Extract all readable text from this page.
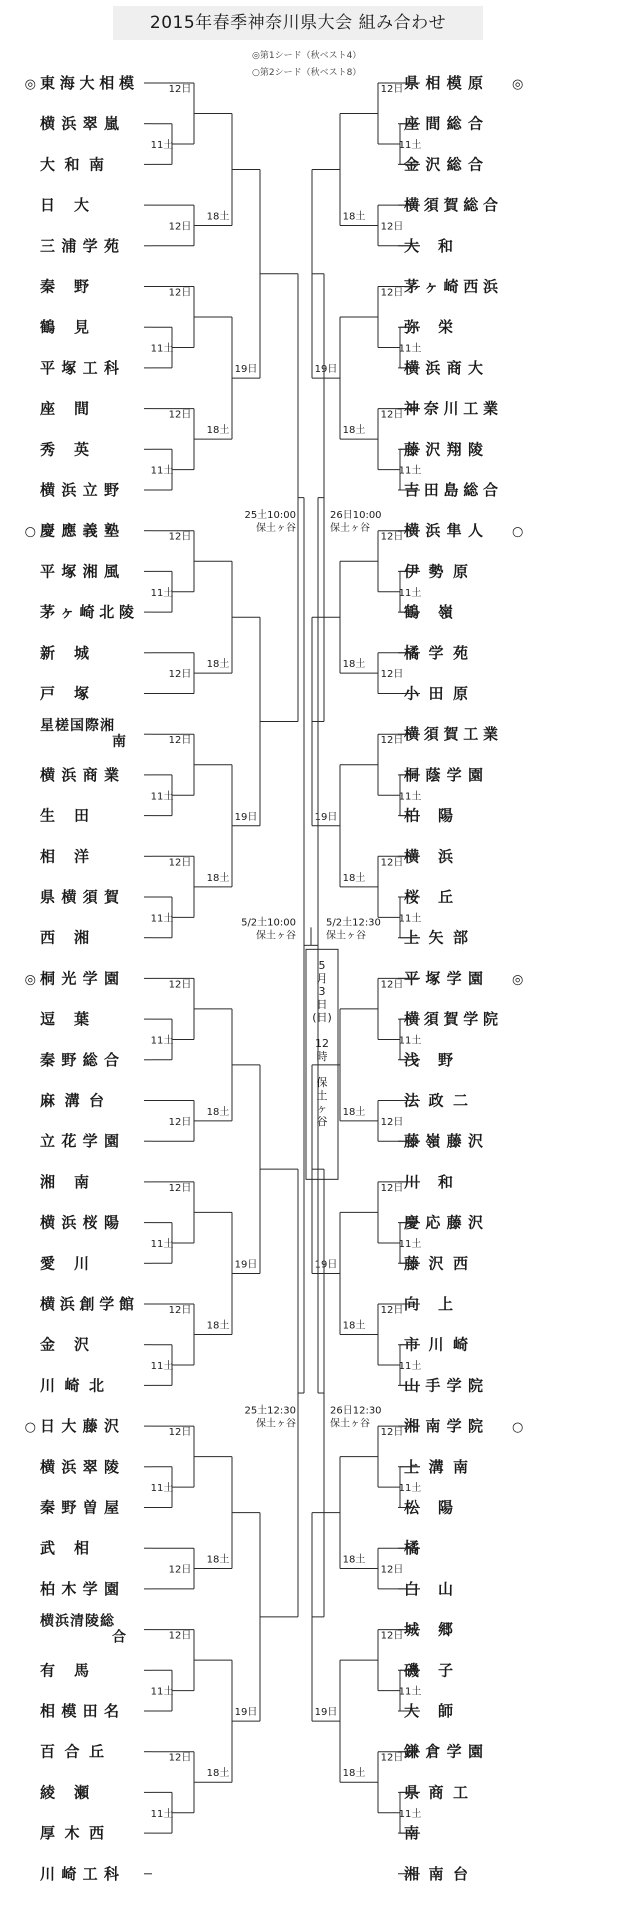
2015年春季神奈川県大会 組み合わせ
◎第1シード（秋ベスト4）
○第2シード（秋ベスト8）
東海大相模
◎
横浜翠嵐
大和南
日大
三浦学苑
秦野
鶴見
平塚工科
座間
秀英
横浜立野
慶應義塾
○
平塚湘風
茅ヶ崎北陵
新城
戸塚
星槎国際湘
南
横浜商業
生田
相洋
県横須賀
西湘
桐光学園
◎
逗葉
秦野総合
麻溝台
立花学園
湘南
横浜桜陽
愛川
横浜創学館
金沢
川崎北
日大藤沢
○
横浜翠陵
秦野曽屋
武相
柏木学園
横浜清陵総
合
有馬
相模田名
百合丘
綾瀬
厚木西
川崎工科
11土
11土
11土
12日
12日
12日
12日
18土
18土
19日
11土
11土
11土
12日
12日
12日
12日
18土
18土
19日
11土
11土
11土
12日
12日
12日
12日
18土
18土
19日
11土
11土
11土
12日
12日
12日
12日
18土
18土
19日
県相模原 ◎
座間総合
金沢総合
横須賀総合
大和
茅ヶ崎西浜
弥栄
横浜商大
神奈川工業
藤沢翔陵
吉田島総合
横浜隼人 ○
伊勢原
鶴嶺
橘学苑
小田原
横須賀工業
桐蔭学園
柏陽
横浜
桜丘
上矢部
平塚学園 ◎
横須賀学院
浅野
法政二
藤嶺藤沢
川和
慶応藤沢
藤沢西
向上
市川崎
山手学院
湘南学院 ○
上溝南
松陽
橘
白山
城郷
磯子
大師
鎌倉学園
県商工
南
湘南台
11土
11土
11土
12日
12日
12日
12日
18土
18土
19日
11土
11土
11土
12日
12日
12日
12日
18土
18土
19日
11土
11土
11土
12日
12日
12日
12日
18土
18土
19日
11土
11土
11土
12日
12日
12日
12日
18土
18土
19日
25土10:00
保土ヶ谷
25土12:30
保土ヶ谷
26日10:00
保土ヶ谷
26日12:30
保土ヶ谷
5/2土10:00
保土ヶ谷
5/2土12:30
保土ヶ谷
5
月
3
日
(日)

12
時

保
土
ヶ
谷
